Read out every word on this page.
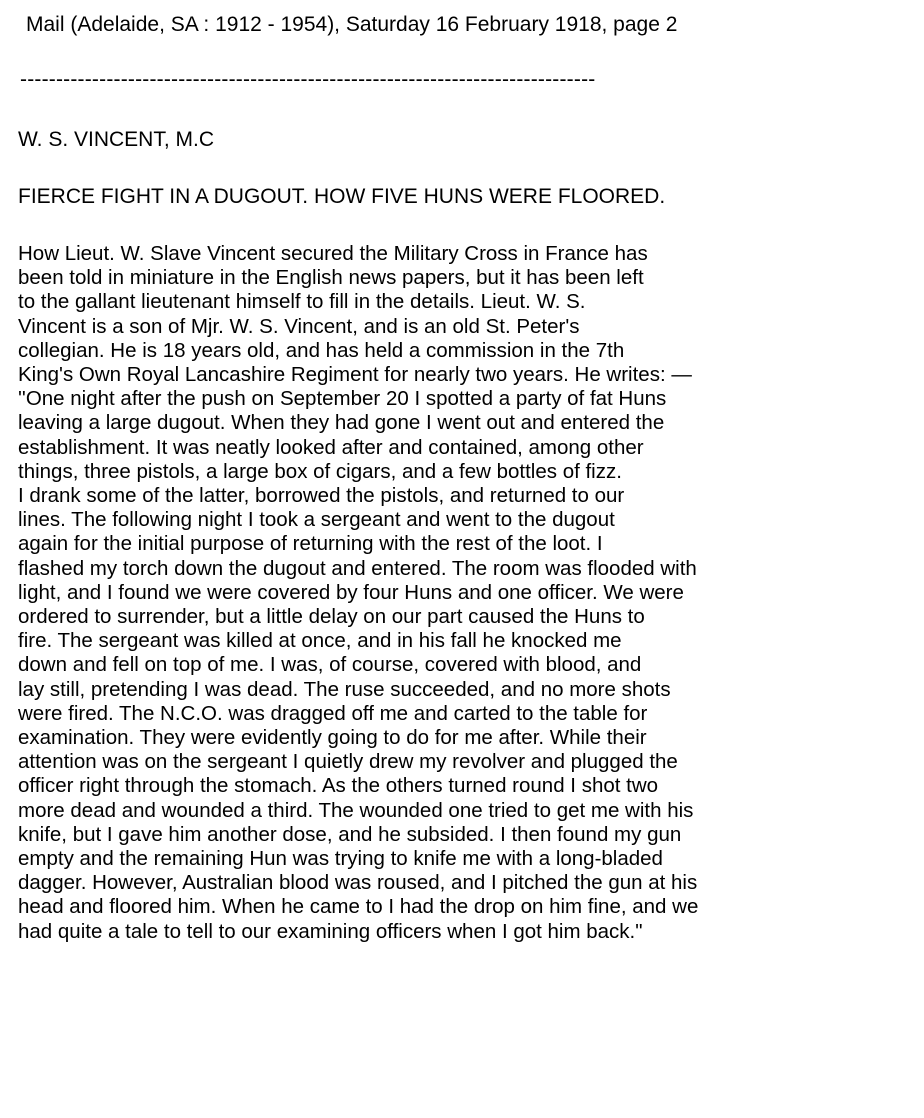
Mail (Adelaide, SA : 1912 - 1954), Saturday 16 February 1918, page 2
--------------------------------------------------------------------------------
W. S. VINCENT, M.C
FIERCE FIGHT IN A DUGOUT. HOW FIVE HUNS WERE FLOORED.
How Lieut. W. Slave Vincent secured the Military Cross in France has
been told in miniature in the English news papers, but it has been left
to the gallant lieutenant himself to fill in the details. Lieut. W. S.
Vincent is a son of Mjr. W. S. Vincent, and is an old St. Peter's
collegian. He is 18 years old, and has held a commission in the 7th
King's Own Royal Lancashire Regiment for nearly two years. He writes: —
''One night after the push on September 20 I spotted a party of fat Huns
leaving a large dugout. When they had gone I went out and entered the
establishment. It was neatly looked after and contained, among other
things, three pistols, a large box of cigars, and a few bottles of fizz.
I drank some of the latter, borrowed the pistols, and returned to our
lines. The following night I took a sergeant and went to the dugout
again for the initial purpose of returning with the rest of the loot. I
flashed my torch down the dugout and entered. The room was flooded with
light, and I found we were covered by four Huns and one officer. We were
ordered to surrender, but a little delay on our part caused the Huns to
fire. The sergeant was killed at once, and in his fall he knocked me
down and fell on top of me. I was, of course, covered with blood, and
lay still, pretending I was dead. The ruse succeeded, and no more shots
were fired. The N.C.O. was dragged off me and carted to the table for
examination. They were evidently going to do for me after. While their
attention was on the sergeant I quietly drew my revolver and plugged the
officer right through the stomach. As the others turned round I shot two
more dead and wounded a third. The wounded one tried to get me with his
knife, but I gave him another dose, and he subsided. I then found my gun
empty and the remaining Hun was trying to knife me with a long-bladed
dagger. However, Australian blood was roused, and I pitched the gun at his
head and floored him. When he came to I had the drop on him fine, and we
had quite a tale to tell to our examining officers when I got him back."
